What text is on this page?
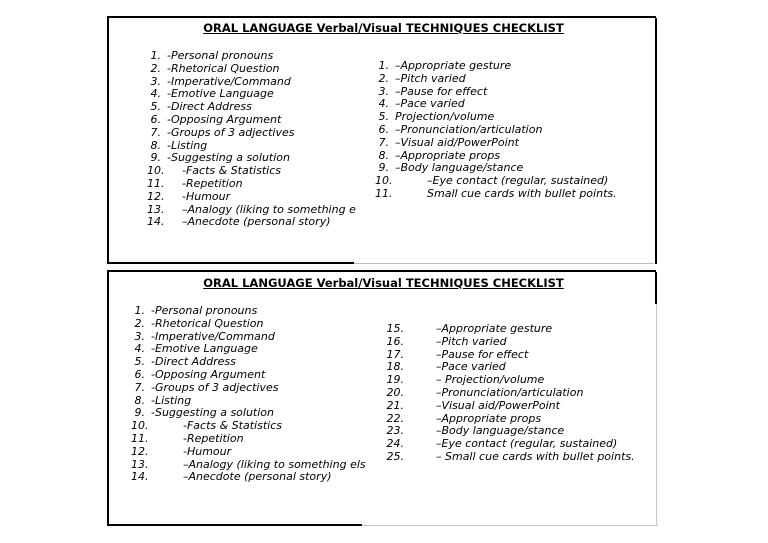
ORAL LANGUAGE Verbal/Visual TECHNIQUES CHECKLIST
1. -Personal pronouns
2. -Rhetorical Question
3. -Imperative/Command
4. -Emotive Language
5. -Direct Address
6. -Opposing Argument
7. -Groups of 3 adjectives
8. -Listing
9. -Suggesting a solution
10. -Facts & Statistics
11. -Repetition
12. -Humour
13. –Analogy (liking to something e
14. –Anecdote (personal story)
1. –Appropriate gesture
2. –Pitch varied
3. –Pause for effect
4. –Pace varied
5. Projection/volume
6. –Pronunciation/articulation
7. –Visual aid/PowerPoint
8. –Appropriate props
9. –Body language/stance
10.	–Eye contact (regular, sustained)
11.	Small cue cards with bullet points.
ORAL LANGUAGE Verbal/Visual TECHNIQUES CHECKLIST
1. -Personal pronouns
2. -Rhetorical Question
3. -Imperative/Command
4. -Emotive Language
5. -Direct Address
6. -Opposing Argument
7. -Groups of 3 adjectives
8. -Listing
9. -Suggesting a solution
10.	-Facts & Statistics
11.	-Repetition
12.	-Humour
13.	–Analogy (liking to something els
14.	–Anecdote (personal story)
15.	–Appropriate gesture
16.	–Pitch varied
17.	–Pause for effect
18.	–Pace varied
19.	– Projection/volume
20.	–Pronunciation/articulation
21.	–Visual aid/PowerPoint
22.	–Appropriate props
23.	–Body language/stance
24.	–Eye contact (regular, sustained)
25.	– Small cue cards with bullet points.
